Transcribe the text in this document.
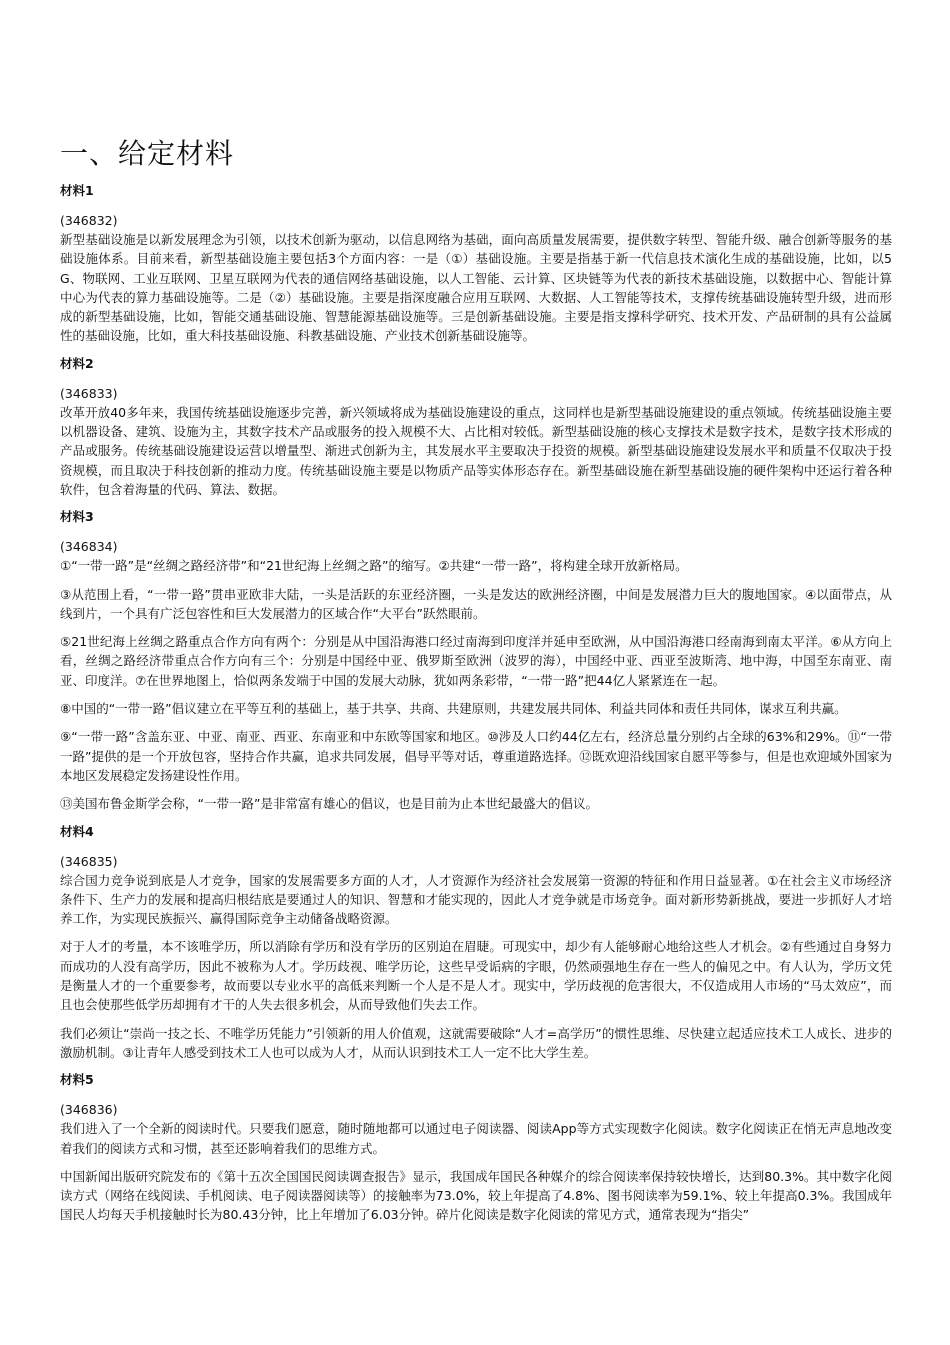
一、给定材料
材料1
(346832)

新型基础设施是以新发展理念为引领，以技术创新为驱动，以信息网络为基础，面向高质量发展需要，提供数字转型、智能升级、融合创新等服务的基础设施体系。目前来看，新型基础设施主要包括3个方面内容：一是（①）基础设施。主要是指基于新一代信息技术演化生成的基础设施，比如，以5G、物联网、工业互联网、卫星互联网为代表的通信网络基础设施，以人工智能、云计算、区块链等为代表的新技术基础设施，以数据中心、智能计算中心为代表的算力基础设施等。二是（②）基础设施。主要是指深度融合应用互联网、大数据、人工智能等技术，支撑传统基础设施转型升级，进而形成的新型基础设施，比如，智能交通基础设施、智慧能源基础设施等。三是创新基础设施。主要是指支撑科学研究、技术开发、产品研制的具有公益属性的基础设施，比如，重大科技基础设施、科教基础设施、产业技术创新基础设施等。

材料2
(346833)

改革开放40多年来，我国传统基础设施逐步完善，新兴领域将成为基础设施建设的重点，这同样也是新型基础设施建设的重点领域。传统基础设施主要以机器设备、建筑、设施为主，其数字技术产品或服务的投入规模不大、占比相对较低。新型基础设施的核心支撑技术是数字技术，是数字技术形成的产品或服务。传统基础设施建设运营以增量型、渐进式创新为主，其发展水平主要取决于投资的规模。新型基础设施建设发展水平和质量不仅取决于投资规模，而且取决于科技创新的推动力度。传统基础设施主要是以物质产品等实体形态存在。新型基础设施在新型基础设施的硬件架构中还运行着各种软件，包含着海量的代码、算法、数据。

材料3
(346834)

①“一带一路”是“丝绸之路经济带”和“21世纪海上丝绸之路”的缩写。②共建“一带一路”，将构建全球开放新格局。

③从范围上看，“一带一路”贯串亚欧非大陆，一头是活跃的东亚经济圈，一头是发达的欧洲经济圈，中间是发展潜力巨大的腹地国家。④以面带点，从线到片，一个具有广泛包容性和巨大发展潜力的区域合作“大平台”跃然眼前。

⑤21世纪海上丝绸之路重点合作方向有两个：分别是从中国沿海港口经过南海到印度洋并延申至欧洲，从中国沿海港口经南海到南太平洋。⑥从方向上看，丝绸之路经济带重点合作方向有三个：分别是中国经中亚、俄罗斯至欧洲（波罗的海），中国经中亚、西亚至波斯湾、地中海，中国至东南亚、南亚、印度洋。⑦在世界地图上，恰似两条发端于中国的发展大动脉，犹如两条彩带，“一带一路”把44亿人紧紧连在一起。

⑧中国的“一带一路”倡议建立在平等互利的基础上，基于共享、共商、共建原则，共建发展共同体、利益共同体和责任共同体，谋求互利共赢。

⑨“一带一路”含盖东亚、中亚、南亚、西亚、东南亚和中东欧等国家和地区。⑩涉及人口约44亿左右，经济总量分别约占全球的63%和29%。⑪“一带一路”提供的是一个开放包容，坚持合作共赢，追求共同发展，倡导平等对话，尊重道路选择。⑫既欢迎沿线国家自愿平等参与，但是也欢迎域外国家为本地区发展稳定发扬建设性作用。

⑬美国布鲁金斯学会称，“一带一路”是非常富有雄心的倡议，也是目前为止本世纪最盛大的倡议。

材料4
(346835)

综合国力竞争说到底是人才竞争，国家的发展需要多方面的人才，人才资源作为经济社会发展第一资源的特征和作用日益显著。①在社会主义市场经济条件下、生产力的发展和提高归根结底是要通过人的知识、智慧和才能实现的，因此人才竞争就是市场竞争。面对新形势新挑战，要进一步抓好人才培养工作，为实现民族振兴、赢得国际竞争主动储备战略资源。

对于人才的考量，本不该唯学历，所以消除有学历和没有学历的区别迫在眉睫。可现实中，却少有人能够耐心地给这些人才机会。②有些通过自身努力而成功的人没有高学历，因此不被称为人才。学历歧视、唯学历论，这些早受诟病的字眼，仍然顽强地生存在一些人的偏见之中。有人认为，学历文凭是衡量人才的一个重要参考，故而要以专业水平的高低来判断一个人是不是人才。现实中，学历歧视的危害很大，不仅造成用人市场的“马太效应”，而且也会使那些低学历却拥有才干的人失去很多机会，从而导致他们失去工作。

我们必须让“崇尚一技之长、不唯学历凭能力”引领新的用人价值观，这就需要破除“人才=高学历”的惯性思维、尽快建立起适应技术工人成长、进步的激励机制。③让青年人感受到技术工人也可以成为人才，从而认识到技术工人一定不比大学生差。

材料5
(346836)

我们进入了一个全新的阅读时代。只要我们愿意，随时随地都可以通过电子阅读器、阅读App等方式实现数字化阅读。数字化阅读正在悄无声息地改变着我们的阅读方式和习惯，甚至还影响着我们的思维方式。

中国新闻出版研究院发布的《第十五次全国国民阅读调查报告》显示，我国成年国民各种媒介的综合阅读率保持较快增长，达到80.3%。其中数字化阅读方式（网络在线阅读、手机阅读、电子阅读器阅读等）的接触率为73.0%，较上年提高了4.8%、图书阅读率为59.1%、较上年提高0.3%。我国成年国民人均每天手机接触时长为80.43分钟，比上年增加了6.03分钟。碎片化阅读是数字化阅读的常见方式，通常表现为“指尖”
